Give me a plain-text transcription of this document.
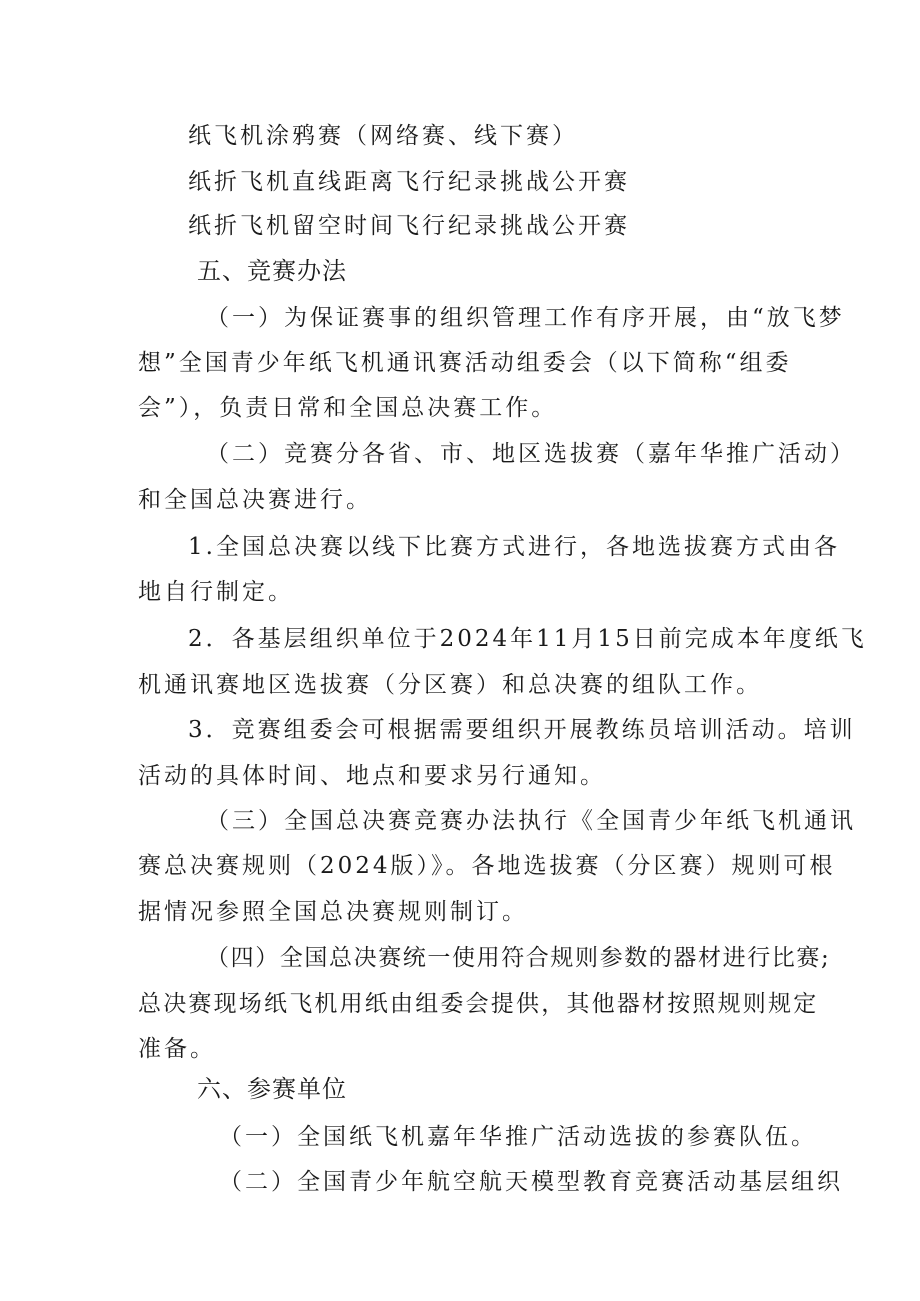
纸飞机涂鸦赛（网络赛、线下赛）
纸折飞机直线距离飞行纪录挑战公开赛
纸折飞机留空时间飞行纪录挑战公开赛
五、竞赛办法
（一）为保证赛事的组织管理工作有序开展，由“放飞梦
想”全国青少年纸飞机通讯赛活动组委会（以下简称“组委
会”），负责日常和全国总决赛工作。
（二）竞赛分各省、市、地区选拔赛（嘉年华推广活动）
和全国总决赛进行。
1.全国总决赛以线下比赛方式进行，各地选拔赛方式由各
地自行制定。
2．各基层组织单位于2024年11月15日前完成本年度纸飞
机通讯赛地区选拔赛（分区赛）和总决赛的组队工作。
3．竞赛组委会可根据需要组织开展教练员培训活动。培训
活动的具体时间、地点和要求另行通知。
（三）全国总决赛竞赛办法执行《全国青少年纸飞机通讯
赛总决赛规则（2024版）》。各地选拔赛（分区赛）规则可根
据情况参照全国总决赛规则制订。
（四）全国总决赛统一使用符合规则参数的器材进行比赛;
总决赛现场纸飞机用纸由组委会提供，其他器材按照规则规定
准备。
六、参赛单位
（一）全国纸飞机嘉年华推广活动选拔的参赛队伍。
（二）全国青少年航空航天模型教育竞赛活动基层组织
